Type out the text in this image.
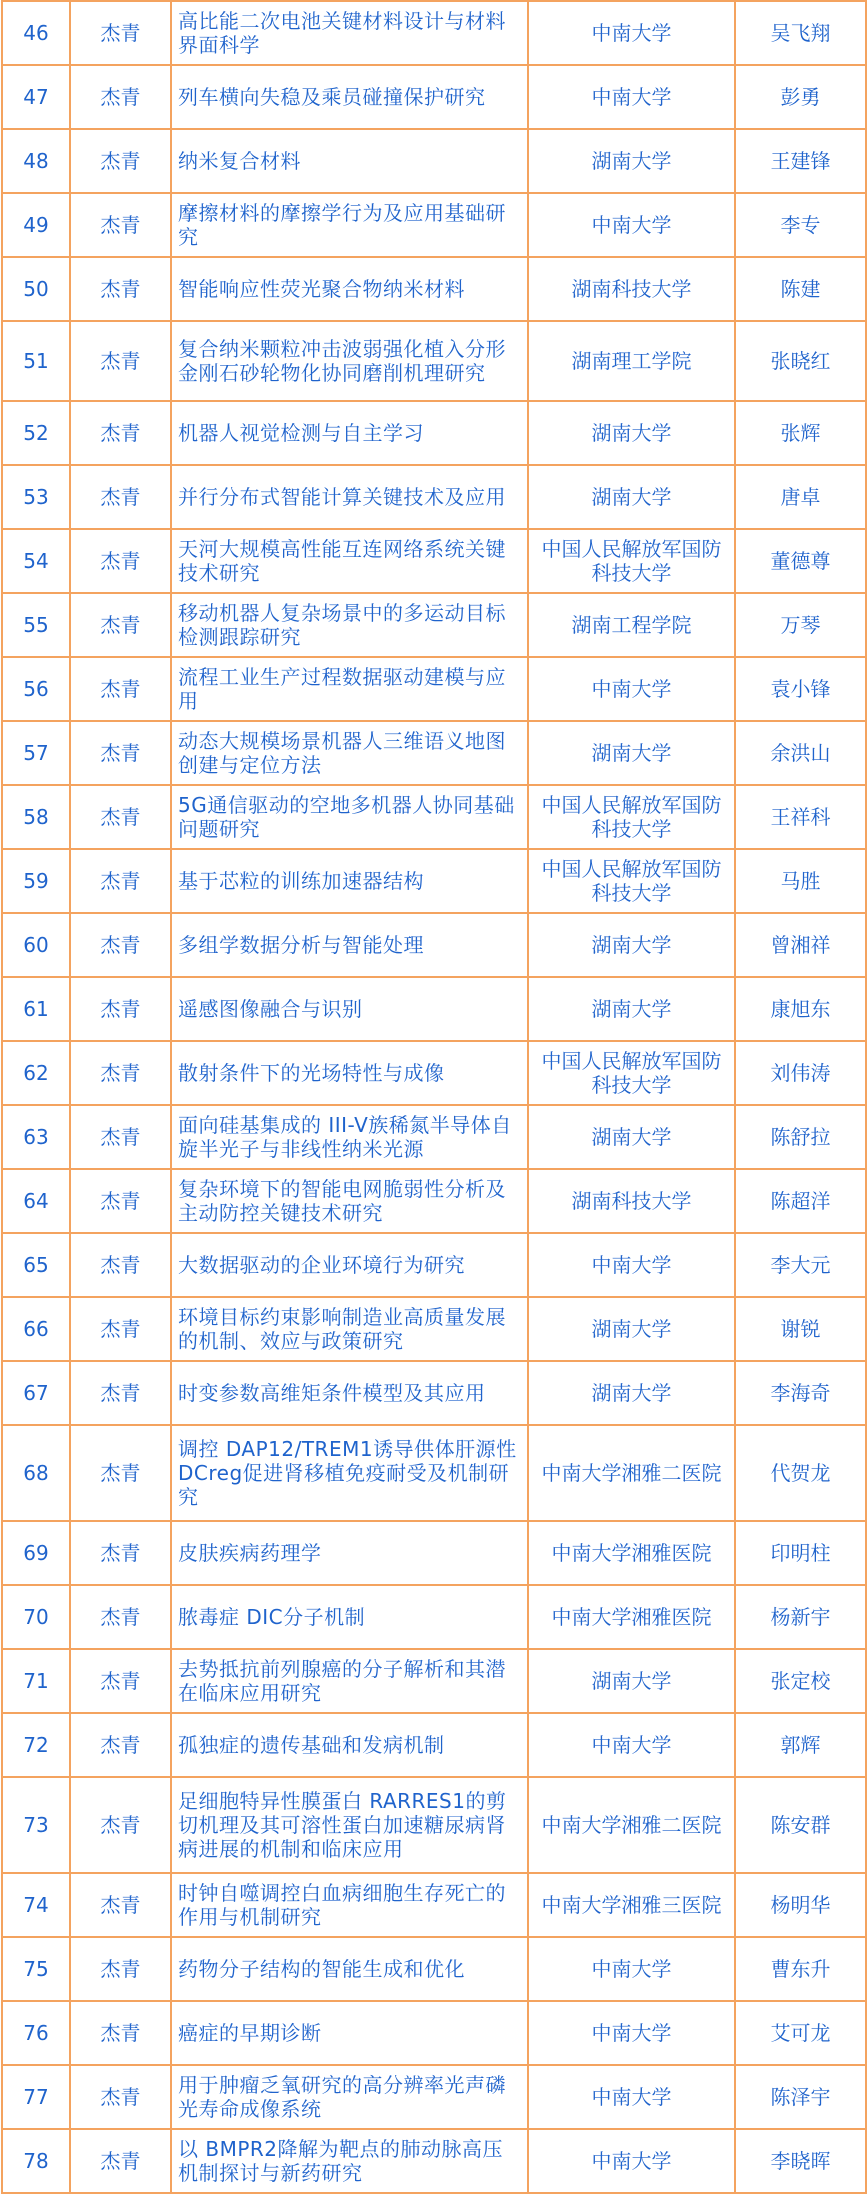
46	杰青	高比能二次电池关键材料设计与材料界面科学	中南大学	吴飞翔
47	杰青	列车横向失稳及乘员碰撞保护研究	中南大学	彭勇
48	杰青	纳米复合材料	湖南大学	王建锋
49	杰青	摩擦材料的摩擦学行为及应用基础研究	中南大学	李专
50	杰青	智能响应性荧光聚合物纳米材料	湖南科技大学	陈建
51	杰青	复合纳米颗粒冲击波弱强化植入分形金刚石砂轮物化协同磨削机理研究	湖南理工学院	张晓红
52	杰青	机器人视觉检测与自主学习	湖南大学	张辉
53	杰青	并行分布式智能计算关键技术及应用	湖南大学	唐卓
54	杰青	天河大规模高性能互连网络系统关键技术研究	中国人民解放军国防科技大学	董德尊
55	杰青	移动机器人复杂场景中的多运动目标检测跟踪研究	湖南工程学院	万琴
56	杰青	流程工业生产过程数据驱动建模与应用	中南大学	袁小锋
57	杰青	动态大规模场景机器人三维语义地图创建与定位方法	湖南大学	余洪山
58	杰青	5G通信驱动的空地多机器人协同基础问题研究	中国人民解放军国防科技大学	王祥科
59	杰青	基于芯粒的训练加速器结构	中国人民解放军国防科技大学	马胜
60	杰青	多组学数据分析与智能处理	湖南大学	曾湘祥
61	杰青	遥感图像融合与识别	湖南大学	康旭东
62	杰青	散射条件下的光场特性与成像	中国人民解放军国防科技大学	刘伟涛
63	杰青	面向硅基集成的 III-V族稀氮半导体自旋半光子与非线性纳米光源	湖南大学	陈舒拉
64	杰青	复杂环境下的智能电网脆弱性分析及主动防控关键技术研究	湖南科技大学	陈超洋
65	杰青	大数据驱动的企业环境行为研究	中南大学	李大元
66	杰青	环境目标约束影响制造业高质量发展的机制、效应与政策研究	湖南大学	谢锐
67	杰青	时变参数高维矩条件模型及其应用	湖南大学	李海奇
68	杰青	调控 DAP12/TREM1诱导供体肝源性 DCreg促进肾移植免疫耐受及机制研究	中南大学湘雅二医院	代贺龙
69	杰青	皮肤疾病药理学	中南大学湘雅医院	印明柱
70	杰青	脓毒症 DIC分子机制	中南大学湘雅医院	杨新宇
71	杰青	去势抵抗前列腺癌的分子解析和其潜在临床应用研究	湖南大学	张定校
72	杰青	孤独症的遗传基础和发病机制	中南大学	郭辉
73	杰青	足细胞特异性膜蛋白 RARRES1的剪切机理及其可溶性蛋白加速糖尿病肾病进展的机制和临床应用	中南大学湘雅二医院	陈安群
74	杰青	时钟自噬调控白血病细胞生存死亡的作用与机制研究	中南大学湘雅三医院	杨明华
75	杰青	药物分子结构的智能生成和优化	中南大学	曹东升
76	杰青	癌症的早期诊断	中南大学	艾可龙
77	杰青	用于肿瘤乏氧研究的高分辨率光声磷光寿命成像系统	中南大学	陈泽宇
78	杰青	以 BMPR2降解为靶点的肺动脉高压机制探讨与新药研究	中南大学	李晓晖
